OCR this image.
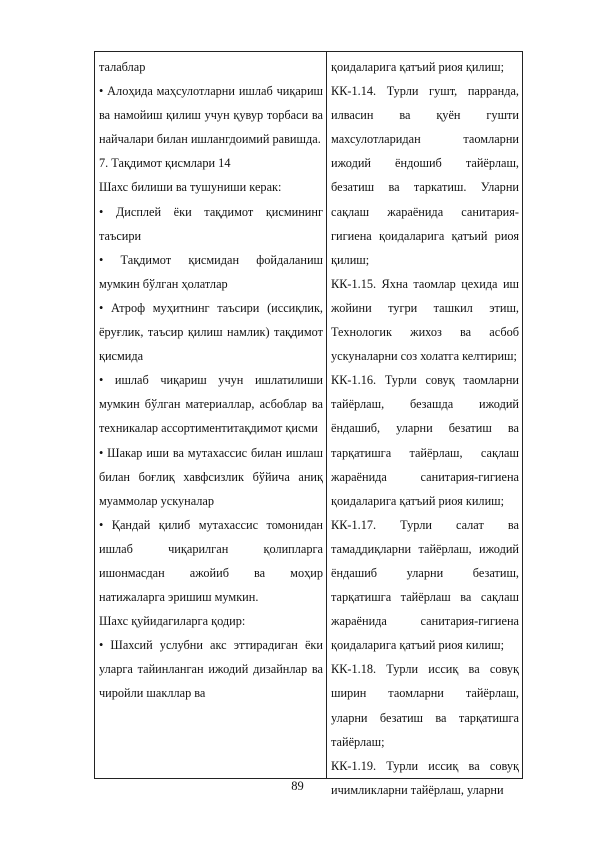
талаблар

• Алоҳида маҳсулотларни ишлаб чиқариш ва намойиш қилиш учун қувур торбаси ва найчалари билан ишлангдоимий равишда.

7. Тақдимот қисмлари 14

Шахс билиши ва тушуниши керак:

• Дисплей ёки тақдимот қисмининг таъсири

• Тақдимот қисмидан фойдаланиш мумкин бўлган ҳолатлар

• Атроф муҳитнинг таъсири (иссиқлик, ёруғлик, таъсир қилиш намлик) тақдимот қисмида

• ишлаб чиқариш учун ишлатилиши мумкин бўлган материаллар, асбоблар ва техникалар ассортиментитақдимот қисми

• Шакар иши ва мутахассис билан ишлаш билан боғлиқ хавфсизлик бўйича аниқ муаммолар ускуналар

• Қандай қилиб мутахассис томонидан ишлаб чиқарилган қолипларга ишонмасдан ажойиб ва моҳир натижаларга эришиш мумкин.

Шахс қуйидагиларга қодир:

• Шахсий услубни акс эттирадиган ёки уларга тайинланган ижодий дизайнлар ва чиройли шакллар ва

қоидаларига қатъий риоя қилиш;

КК-1.14. Турли гушт, парранда, илвасин ва қуён гушти махсулотларидан таомларни ижодий ёндошиб тайёрлаш, безатиш ва таркатиш. Уларни сақлаш жараёнида санитария-гигиена қоидаларига қатъий риоя қилиш;

КК-1.15. Яхна таомлар цехида иш жойини тугри ташкил этиш, Технологик жихоз ва асбоб ускуналарни соз холатга келтириш;

КК-1.16. Турли совуқ таомларни тайёрлаш, безашда ижодий ёндашиб, уларни безатиш ва тарқатишга тайёрлаш, сақлаш жараёнида санитария-гигиена қоидаларига қатъий риоя килиш;

КК-1.17. Турли салат ва тамаддиқларни тайёрлаш, ижодий ёндашиб уларни безатиш, тарқатишга тайёрлаш ва сақлаш жараёнида санитария-гигиена қоидаларига қатъий риоя килиш;

КК-1.18. Турли иссиқ ва совуқ ширин таомларни тайёрлаш, уларни безатиш ва тарқатишга тайёрлаш;

КК-1.19. Турли иссиқ ва совуқ ичимликларни тайёрлаш, уларни

89
